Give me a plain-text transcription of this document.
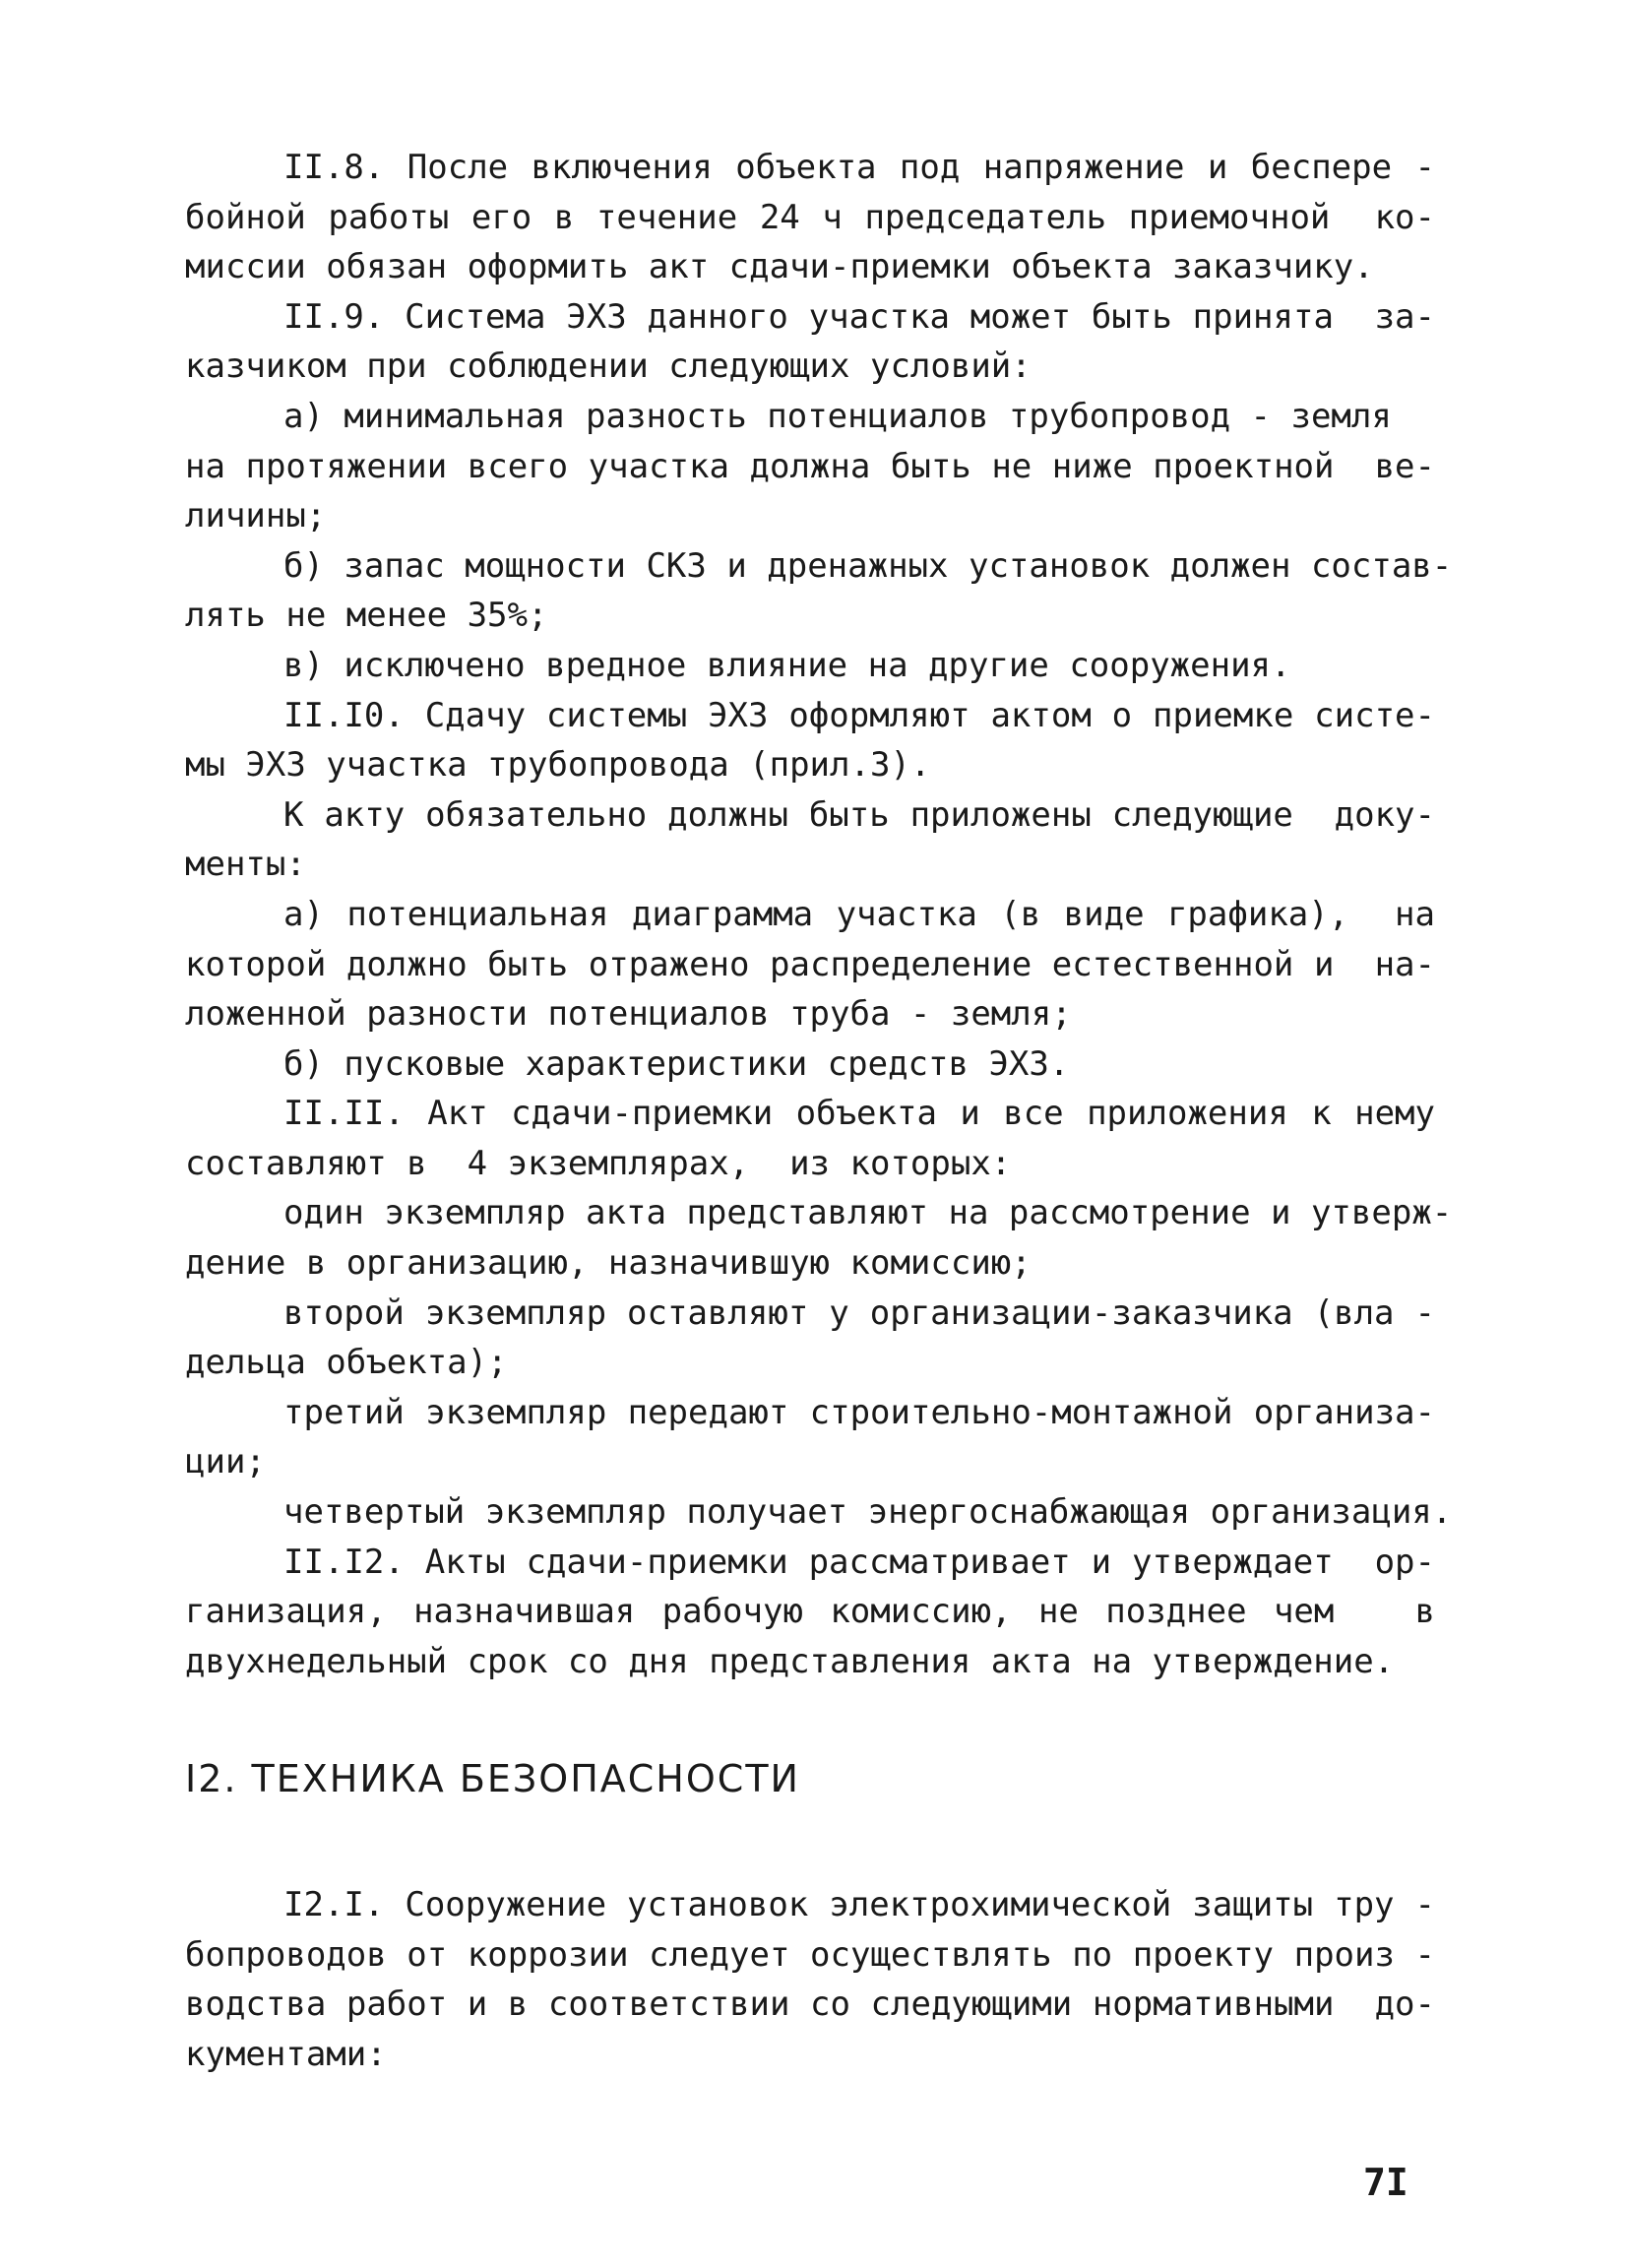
II.8. После включения объекта под напряжение и беспере -
бойной работы его в течение 24 ч председатель приемочной  ко-
миссии обязан оформить акт сдачи-приемки объекта заказчику.
II.9. Система ЭХЗ данного участка может быть принята  за-
казчиком при соблюдении следующих условий:
а) минимальная разность потенциалов трубопровод - земля
на протяжении всего участка должна быть не ниже проектной  ве-
личины;
б) запас мощности СКЗ и дренажных установок должен состав-
лять не менее 35%;
в) исключено вредное влияние на другие сооружения.
II.I0. Сдачу системы ЭХЗ оформляют актом о приемке систе-
мы ЭХЗ участка трубопровода (прил.3).
К акту обязательно должны быть приложены следующие  доку-
менты:
а) потенциальная диаграмма участка (в виде графика),  на
которой должно быть отражено распределение естественной и  на-
ложенной разности потенциалов труба - земля;
б) пусковые характеристики средств ЭХЗ.
II.II. Акт сдачи-приемки объекта и все приложения к нему
составляют в  4 экземплярах,  из которых:
один экземпляр акта представляют на рассмотрение и утверж-
дение в организацию, назначившую комиссию;
второй экземпляр оставляют у организации-заказчика (вла -
дельца объекта);
третий экземпляр передают строительно-монтажной организа-
ции;
четвертый экземпляр получает энергоснабжающая организация.
II.I2. Акты сдачи-приемки рассматривает и утверждает  ор-
ганизация, назначившая рабочую комиссию, не позднее чем   в
двухнедельный срок со дня представления акта на утверждение.
I2. ТЕХНИКА БЕЗОПАСНОСТИ
I2.I. Сооружение установок электрохимической защиты тру -
бопроводов от коррозии следует осуществлять по проекту произ -
водства работ и в соответствии со следующими нормативными  до-
кументами:
7I
